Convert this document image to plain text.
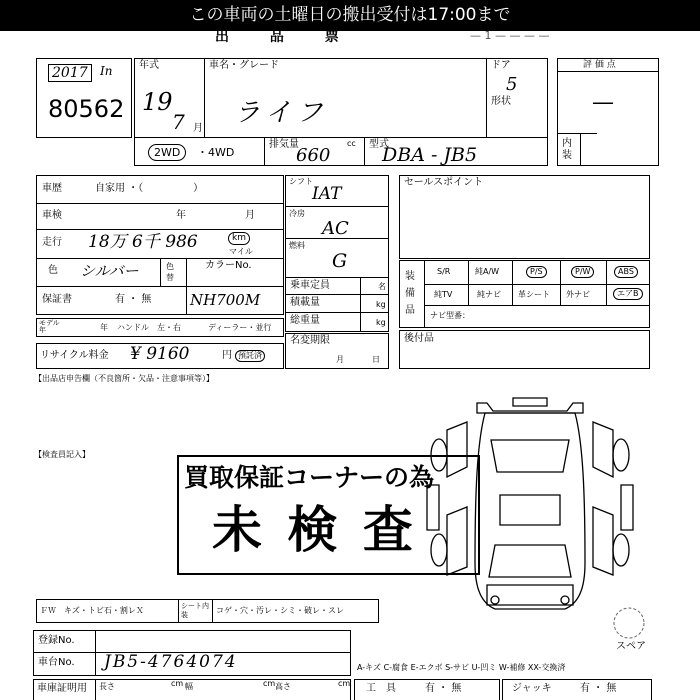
この車両の土曜日の搬出受付は17:00まで
出 品 票	— 1 — — — —
2017	In
80562
年式
19
7 月
車名・グレード
ライフ
ドア
5
形状
2WD	・4WD
排気量	cc
660
型式
DBA - JB5
評 価 点
—
内装
車歴	自家用 ・（　　　　　）
車検	年	月
走行 18万 6千 986	km
マイル
色 シルバー	色替
カラーNo.
NH700M
保証書	有 ・ 無
モデル年	年 ハンドル　左・右	ディーラー・並行
リサイクル料金 ¥ 9160	円 預託済
シフト
IAT
冷房
AC
燃料
G
乗車定員	名
積載量	kg
総重量	kg
名変期限
月	日
セールスポイント
装備品
S/R	純A/W	P/S	P/W	ABS
純TV	純ナビ 革シート 外ナビ	エアB
ナビ型番：
後付品
【出品店申告欄（不良箇所・欠品・注意事項等）】
【検査員記入】
買取保証コーナーの為
未 検 査
スペア
ＦＷ　キズ・トビ石・割レＸ	シート内装	コゲ・穴・汚レ・シミ・破レ・スレ
登録No.
車台No. JB5-4764074
車庫証明用 長さ	cm 幅	cm 高さ	cm
A-キズ C-腐食 E-エクボ S-サビ U-凹ミ W-補修 XX-交換済
工　具	有 ・ 無	ジャッキ	有 ・ 無
